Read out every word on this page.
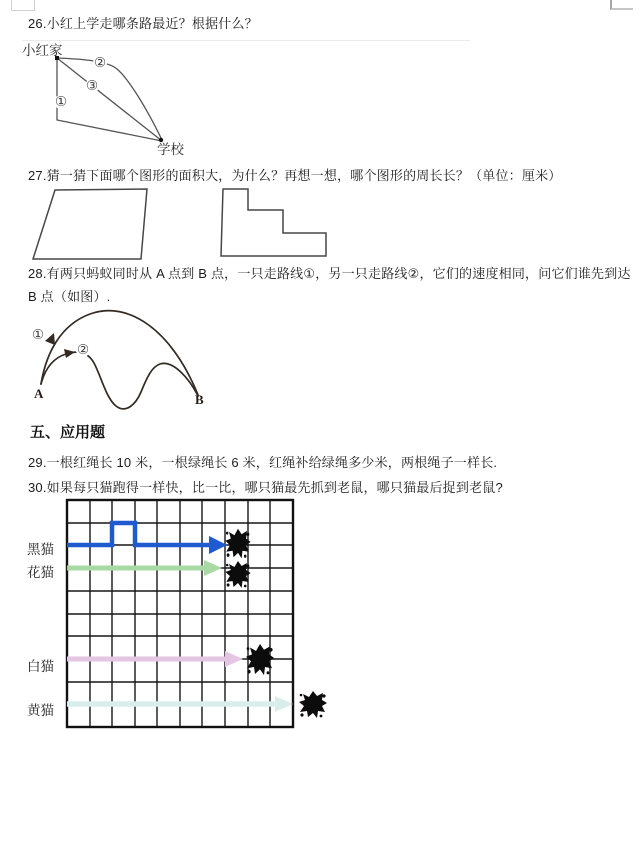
26.小红上学走哪条路最近？根据什么？
小红家
学校
①
②
③
27.猜一猜下面哪个图形的面积大，为什么？再想一想，哪个图形的周长长？（单位：厘米）
28.有两只蚂蚁同时从 A 点到 B 点，一只走路线①，另一只走路线②，它们的速度相同，问它们谁先到达
B 点（如图）.
①
②
A	B
五、应用题
29.一根红绳长 10 米，一根绿绳长 6 米，红绳补给绿绳多少米，两根绳子一样长.
30.如果每只猫跑得一样快，比一比，哪只猫最先抓到老鼠，哪只猫最后捉到老鼠?
黑猫
花猫
白猫
黄猫
